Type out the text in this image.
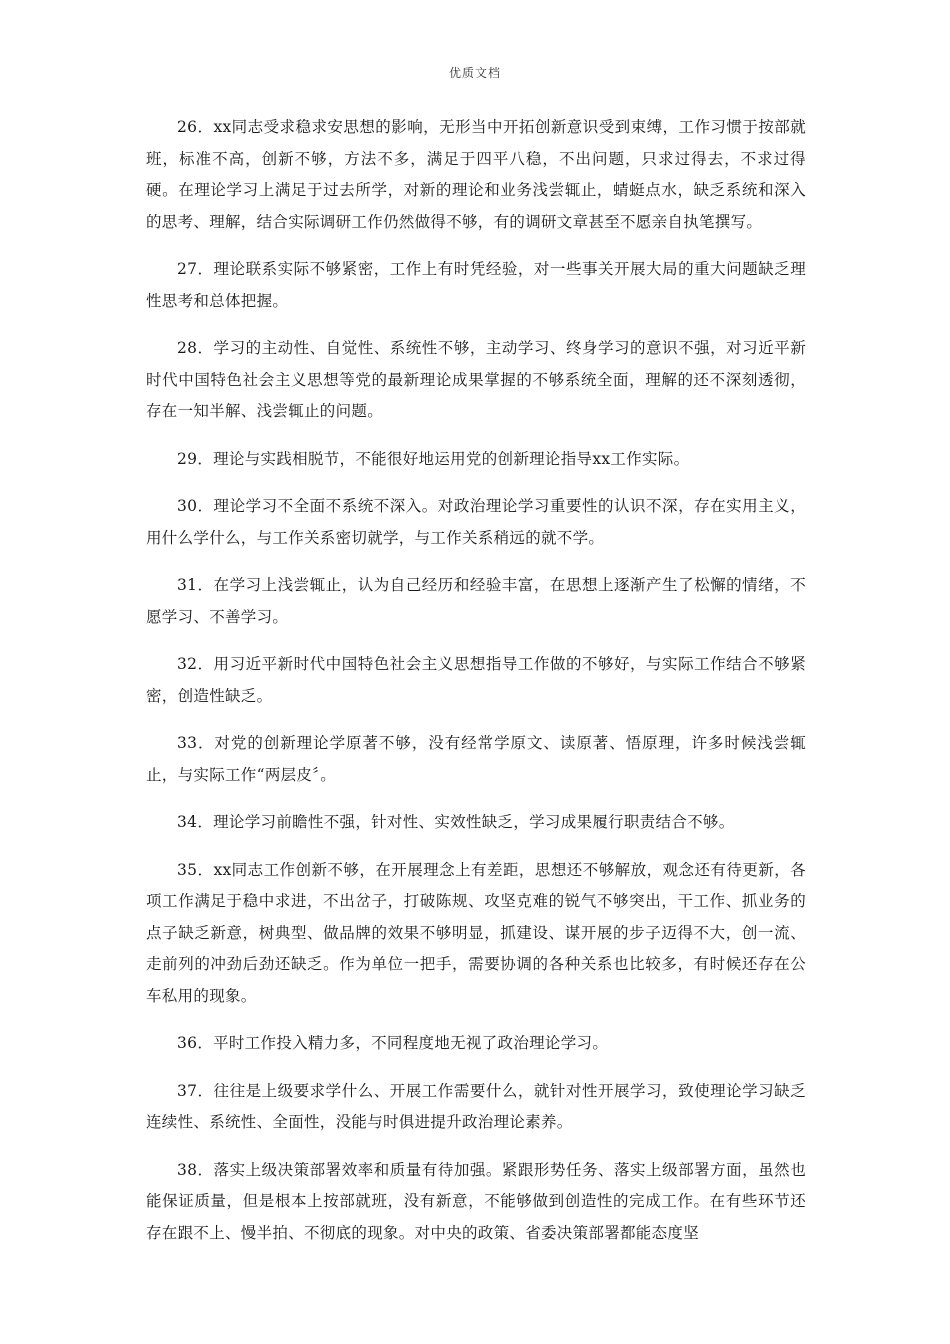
优质文档

26．xx同志受求稳求安思想的影响，无形当中开拓创新意识受到束缚，工作习惯于按部就班，标准不高，创新不够，方法不多，满足于四平八稳，不出问题，只求过得去，不求过得硬。在理论学习上满足于过去所学，对新的理论和业务浅尝辄止，蜻蜓点水，缺乏系统和深入的思考、理解，结合实际调研工作仍然做得不够，有的调研文章甚至不愿亲自执笔撰写。

27．理论联系实际不够紧密，工作上有时凭经验，对一些事关开展大局的重大问题缺乏理性思考和总体把握。

28．学习的主动性、自觉性、系统性不够，主动学习、终身学习的意识不强，对习近平新时代中国特色社会主义思想等党的最新理论成果掌握的不够系统全面，理解的还不深刻透彻，存在一知半解、浅尝辄止的问题。

29．理论与实践相脱节，不能很好地运用党的创新理论指导xx工作实际。

30．理论学习不全面不系统不深入。对政治理论学习重要性的认识不深，存在实用主义，用什么学什么，与工作关系密切就学，与工作关系稍远的就不学。

31．在学习上浅尝辄止，认为自己经历和经验丰富，在思想上逐渐产生了松懈的情绪，不愿学习、不善学习。

32．用习近平新时代中国特色社会主义思想指导工作做的不够好，与实际工作结合不够紧密，创造性缺乏。

33．对党的创新理论学原著不够，没有经常学原文、读原著、悟原理，许多时候浅尝辄止，与实际工作“两层皮〞。

34．理论学习前瞻性不强，针对性、实效性缺乏，学习成果履行职责结合不够。

35．xx同志工作创新不够，在开展理念上有差距，思想还不够解放，观念还有待更新，各项工作满足于稳中求进，不出岔子，打破陈规、攻坚克难的锐气不够突出，干工作、抓业务的点子缺乏新意，树典型、做品牌的效果不够明显，抓建设、谋开展的步子迈得不大，创一流、走前列的冲劲后劲还缺乏。作为单位一把手，需要协调的各种关系也比较多，有时候还存在公车私用的现象。

36．平时工作投入精力多，不同程度地无视了政治理论学习。

37．往往是上级要求学什么、开展工作需要什么，就针对性开展学习，致使理论学习缺乏连续性、系统性、全面性，没能与时俱进提升政治理论素养。

38．落实上级决策部署效率和质量有待加强。紧跟形势任务、落实上级部署方面，虽然也能保证质量，但是根本上按部就班，没有新意，不能够做到创造性的完成工作。在有些环节还存在跟不上、慢半拍、不彻底的现象。对中央的政策、省委决策部署都能态度坚
